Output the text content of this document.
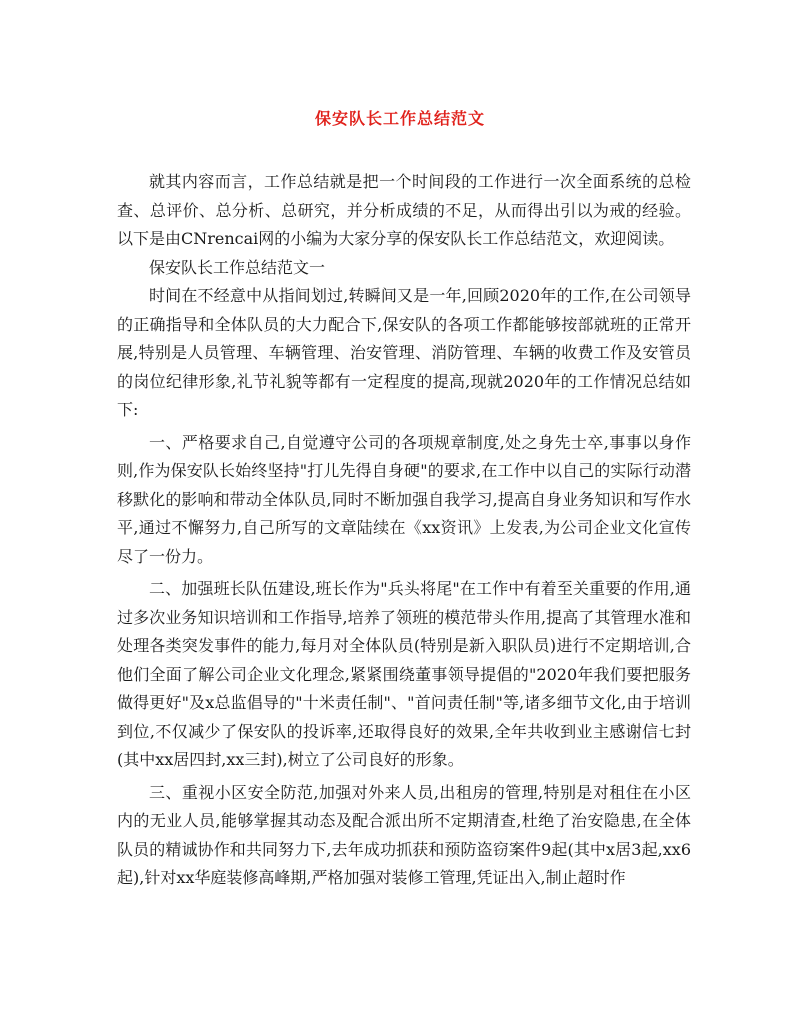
保安队长工作总结范文

就其内容而言，工作总结就是把一个时间段的工作进行一次全面系统的总检查、总评价、总分析、总研究，并分析成绩的不足，从而得出引以为戒的经验。以下是由CNrencai网的小编为大家分享的保安队长工作总结范文，欢迎阅读。

保安队长工作总结范文一

时间在不经意中从指间划过,转瞬间又是一年,回顾2020年的工作,在公司领导的正确指导和全体队员的大力配合下,保安队的各项工作都能够按部就班的正常开展,特别是人员管理、车辆管理、治安管理、消防管理、车辆的收费工作及安管员的岗位纪律形象,礼节礼貌等都有一定程度的提高,现就2020年的工作情况总结如下:

一、严格要求自己,自觉遵守公司的各项规章制度,处之身先士卒,事事以身作则,作为保安队长始终坚持"打儿先得自身硬"的要求,在工作中以自己的实际行动潜移默化的影响和带动全体队员,同时不断加强自我学习,提高自身业务知识和写作水平,通过不懈努力,自己所写的文章陆续在《xx资讯》上发表,为公司企业文化宣传尽了一份力。

二、加强班长队伍建设,班长作为"兵头将尾"在工作中有着至关重要的作用,通过多次业务知识培训和工作指导,培养了领班的模范带头作用,提高了其管理水准和处理各类突发事件的能力,每月对全体队员(特别是新入职队员)进行不定期培训,合他们全面了解公司企业文化理念,紧紧围绕董事领导提倡的"2020年我们要把服务做得更好"及x总监倡导的"十米责任制"、"首问责任制"等,诸多细节文化,由于培训到位,不仅减少了保安队的投诉率,还取得良好的效果,全年共收到业主感谢信七封(其中xx居四封,xx三封),树立了公司良好的形象。

三、重视小区安全防范,加强对外来人员,出租房的管理,特别是对租住在小区内的无业人员,能够掌握其动态及配合派出所不定期清查,杜绝了治安隐患,在全体队员的精诚协作和共同努力下,去年成功抓获和预防盗窃案件9起(其中x居3起,xx6起),针对xx华庭装修高峰期,严格加强对装修工管理,凭证出入,制止超时作
